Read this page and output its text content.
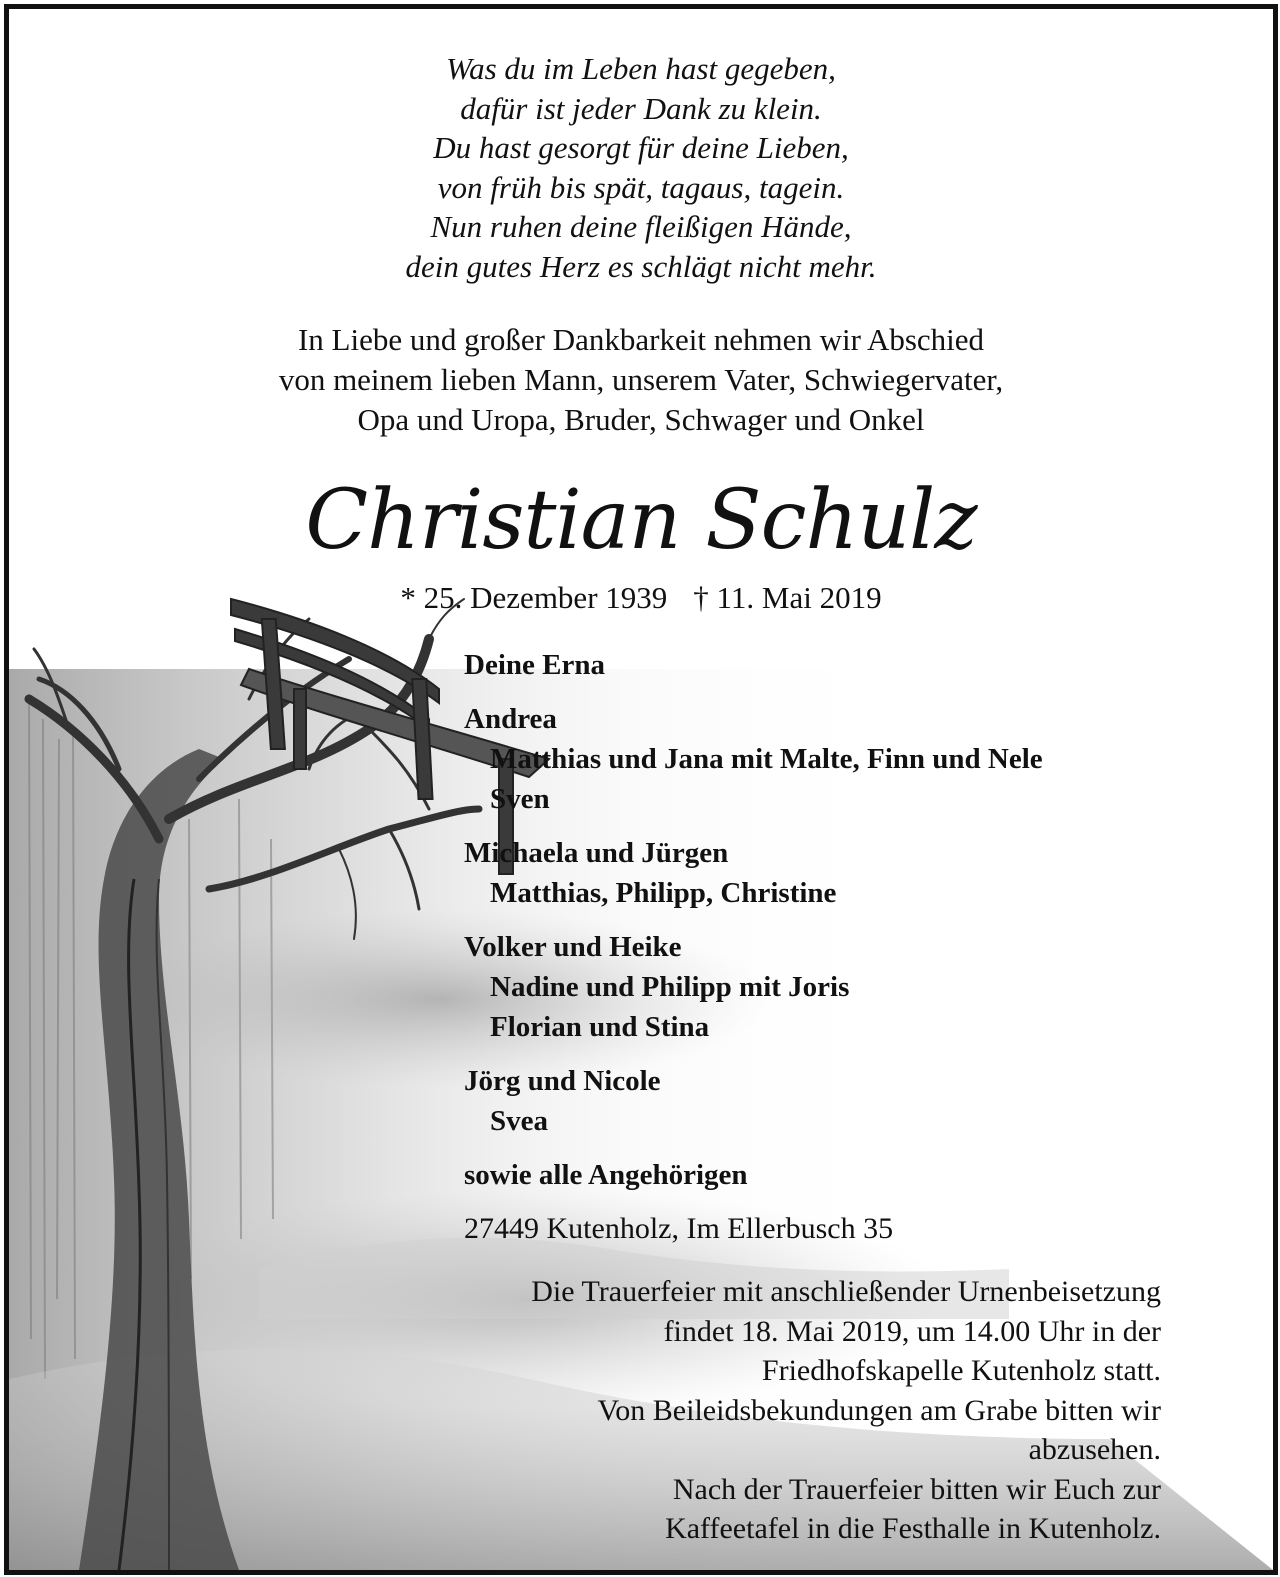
Was du im Leben hast gegeben,
dafür ist jeder Dank zu klein.
Du hast gesorgt für deine Lieben,
von früh bis spät, tagaus, tagein.
Nun ruhen deine fleißigen Hände,
dein gutes Herz es schlägt nicht mehr.
In Liebe und großer Dankbarkeit nehmen wir Abschied
von meinem lieben Mann, unserem Vater, Schwiegervater,
Opa und Uropa, Bruder, Schwager und Onkel
Christian Schulz
* 25. Dezember 1939 † 11. Mai 2019
Deine Erna
Andrea
Matthias und Jana mit Malte, Finn und Nele
Sven
Michaela und Jürgen
Matthias, Philipp, Christine
Volker und Heike
Nadine und Philipp mit Joris
Florian und Stina
Jörg und Nicole
Svea
sowie alle Angehörigen
27449 Kutenholz, Im Ellerbusch 35
Die Trauerfeier mit anschließender Urnenbeisetzung
findet 18. Mai 2019, um 14.00 Uhr in der
Friedhofskapelle Kutenholz statt.
Von Beileidsbekundungen am Grabe bitten wir
abzusehen.
Nach der Trauerfeier bitten wir Euch zur
Kaffeetafel in die Festhalle in Kutenholz.
